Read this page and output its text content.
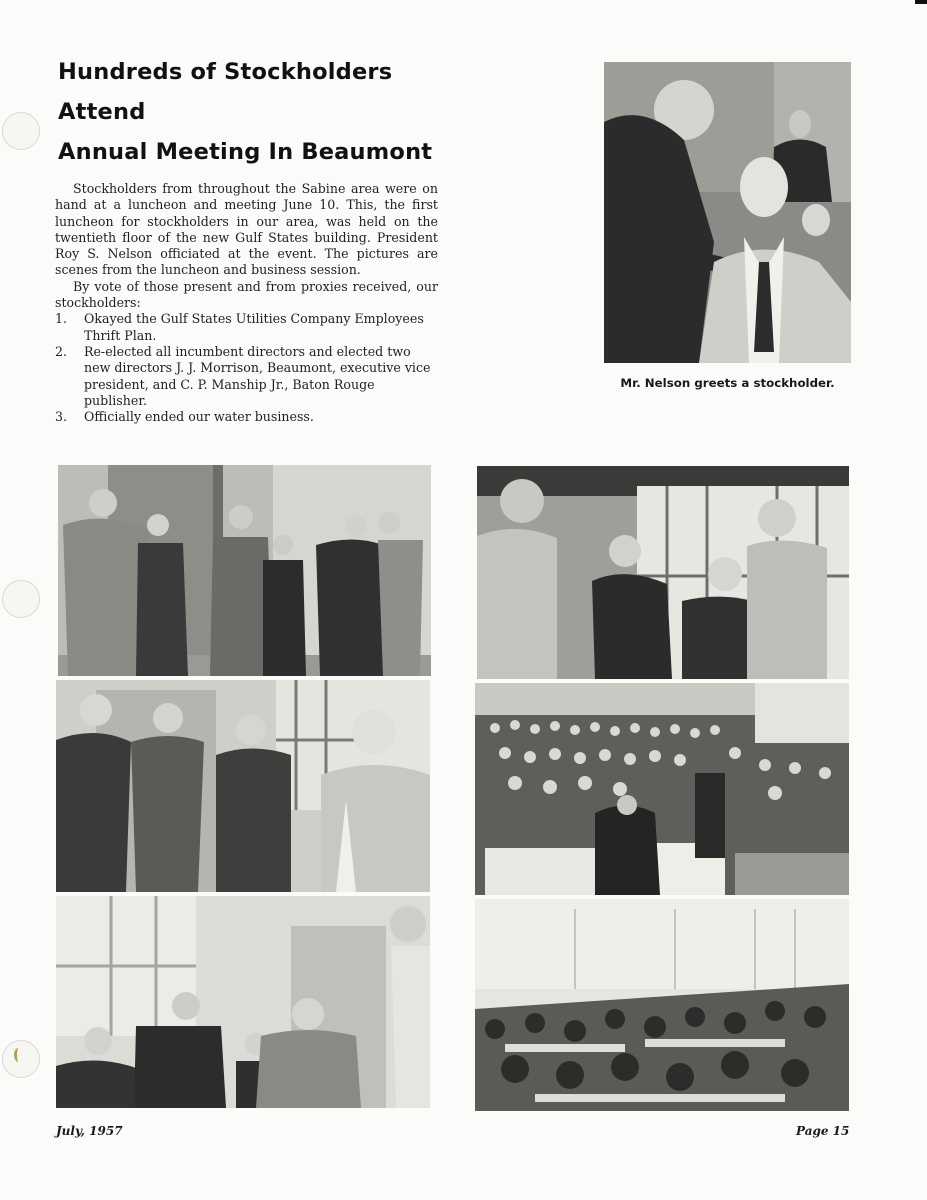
Hundreds of Stockholders Attend
Annual Meeting In Beaumont

Stockholders from throughout the Sabine area were on hand at a luncheon and meeting June 10. This, the first luncheon for stockholders in our area, was held on the twentieth floor of the new Gulf States building. President Roy S. Nelson officiated at the event. The pictures are scenes from the luncheon and business session.

By vote of those present and from proxies received, our stockholders:

1.	Okayed the Gulf States Utilities Company Employees Thrift Plan.
2.	Re-elected all incumbent directors and elected two new directors J. J. Morrison, Beaumont, executive vice president, and C. P. Manship Jr., Baton Rouge publisher.
3.	Officially ended our water business.

Mr. Nelson greets a stockholder.

July, 1957	Page 15
